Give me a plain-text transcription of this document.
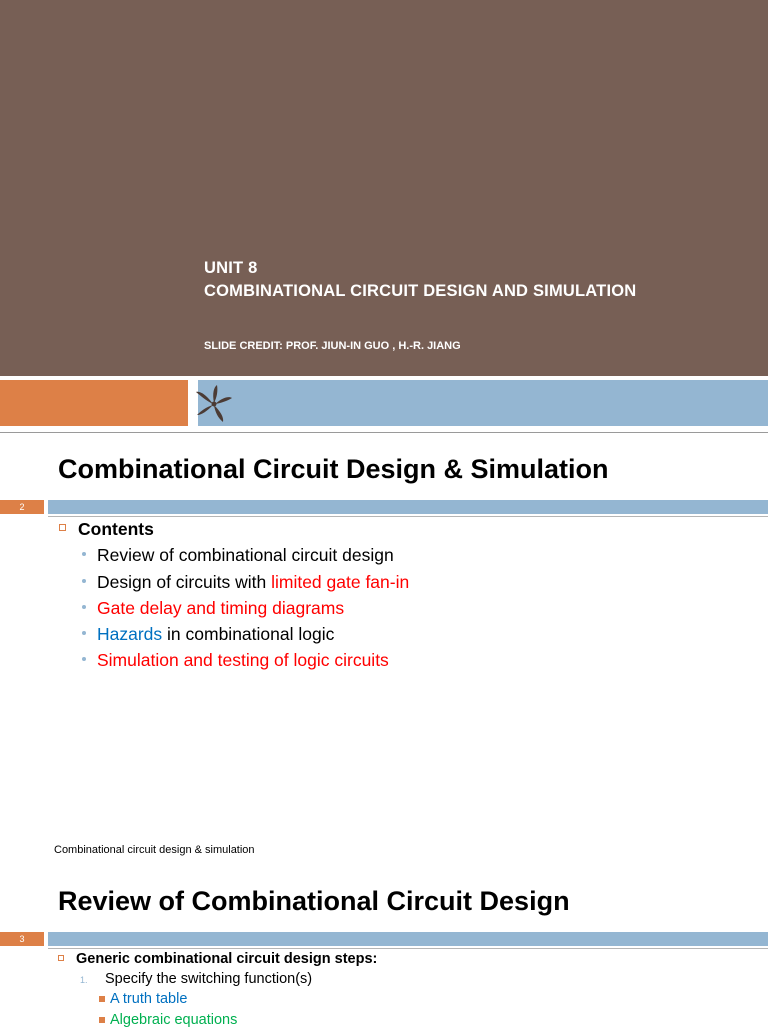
UNIT 8
COMBINATIONAL CIRCUIT DESIGN AND SIMULATION
SLIDE CREDIT: PROF. JIUN-IN GUO , H.-R. JIANG
Combinational Circuit Design & Simulation
2
Contents
Review of combinational circuit design
Design of circuits with limited gate fan-in
Gate delay and timing diagrams
Hazards in combinational logic
Simulation and testing of logic circuits
Combinational circuit design & simulation
Review of Combinational Circuit Design
3
Generic combinational circuit design steps:
1. Specify the switching function(s)
A truth table
Algebraic equations
